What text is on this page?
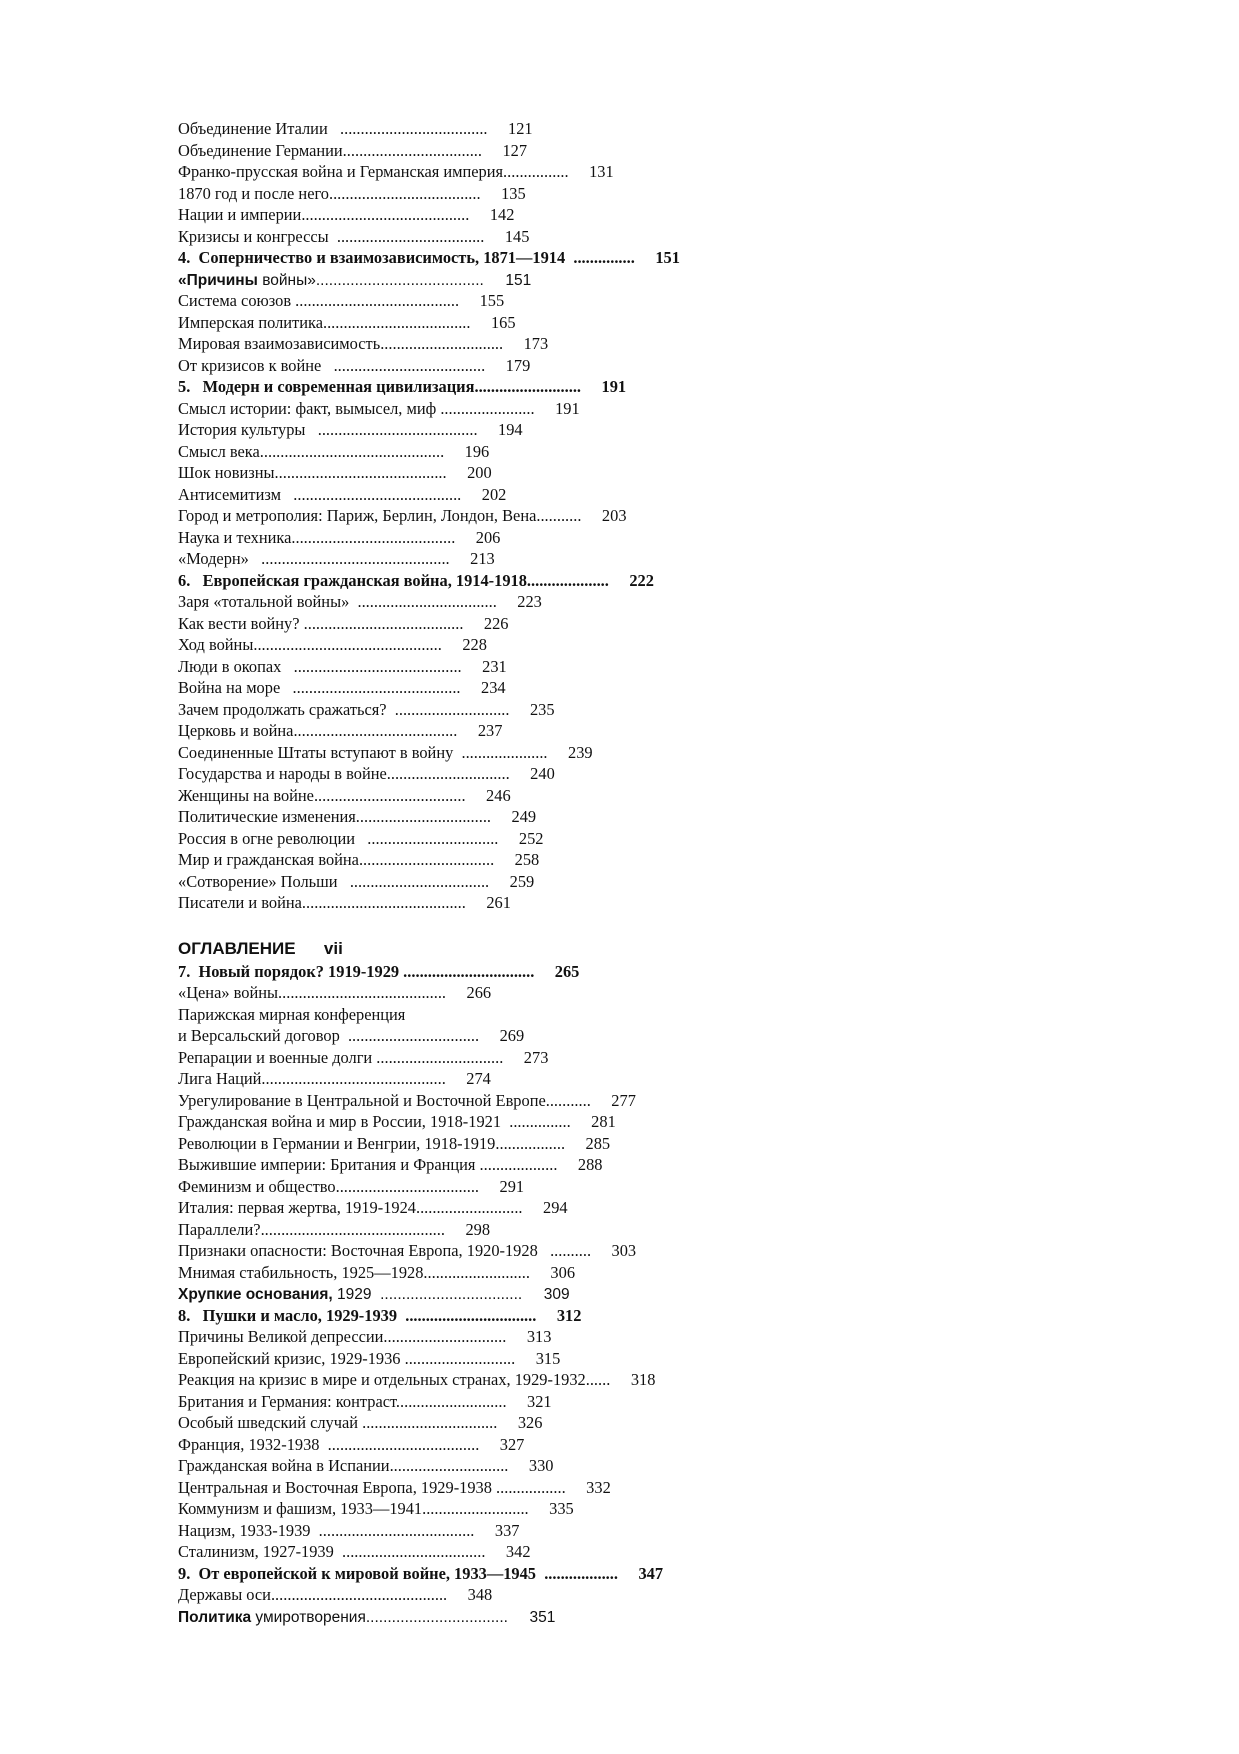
Объединение Италии   ....................................     121
Объединение Германии..................................     127
Франко-прусская война и Германская империя................     131
1870 год и после него.....................................     135
Нации и империи.........................................     142
Кризисы и конгрессы  ....................................     145
4.  Соперничество и взаимозависимость, 1871—1914  ...............     151
«Причины войны».......................................     151
Система союзов ........................................     155
Имперская политика....................................     165
Мировая взаимозависимость..............................     173
От кризисов к войне   .....................................     179
5.   Модерн и современная цивилизация..........................     191
Смысл истории: факт, вымысел, миф .......................     191
История культуры   .......................................     194
Смысл века.............................................     196
Шок новизны..........................................     200
Антисемитизм   .........................................     202
Город и метрополия: Париж, Берлин, Лондон, Вена...........     203
Наука и техника........................................     206
«Модерн»   ..............................................     213
6.   Европейская гражданская война, 1914-1918....................     222
Заря «тотальной войны»  ..................................     223
Как вести войну? .......................................     226
Ход войны..............................................     228
Люди в окопах   .........................................     231
Война на море   .........................................     234
Зачем продолжать сражаться?  ............................     235
Церковь и война........................................     237
Соединенные Штаты вступают в войну  .....................     239
Государства и народы в войне..............................     240
Женщины на войне.....................................     246
Политические изменения.................................     249
Россия в огне революции   ................................     252
Мир и гражданская война.................................     258
«Сотворение» Польши   ..................................     259
Писатели и война........................................     261
ОГЛАВЛЕНИЕ      vii
7.  Новый порядок? 1919-1929 ................................     265
«Цена» войны.........................................     266
Парижская мирная конференция
и Версальский договор  ................................     269
Репарации и военные долги ...............................     273
Лига Наций.............................................     274
Урегулирование в Центральной и Восточной Европе...........     277
Гражданская война и мир в России, 1918-1921  ...............     281
Революции в Германии и Венгрии, 1918-1919.................     285
Выжившие империи: Британия и Франция ...................     288
Феминизм и общество...................................     291
Италия: первая жертва, 1919-1924..........................     294
Параллели?.............................................     298
Признаки опасности: Восточная Европа, 1920-1928   ..........     303
Мнимая стабильность, 1925—1928..........................     306
Хрупкие основания, 1929  .................................     309
8.   Пушки и масло, 1929-1939  ................................     312
Причины Великой депрессии..............................     313
Европейский кризис, 1929-1936 ...........................     315
Реакция на кризис в мире и отдельных странах, 1929-1932......     318
Британия и Германия: контраст...........................     321
Особый шведский случай .................................     326
Франция, 1932-1938  .....................................     327
Гражданская война в Испании.............................     330
Центральная и Восточная Европа, 1929-1938 .................     332
Коммунизм и фашизм, 1933—1941..........................     335
Нацизм, 1933-1939  ......................................     337
Сталинизм, 1927-1939  ...................................     342
9.  От европейской к мировой войне, 1933—1945  ..................     347
Державы оси...........................................     348
Политика умиротворения.................................     351
